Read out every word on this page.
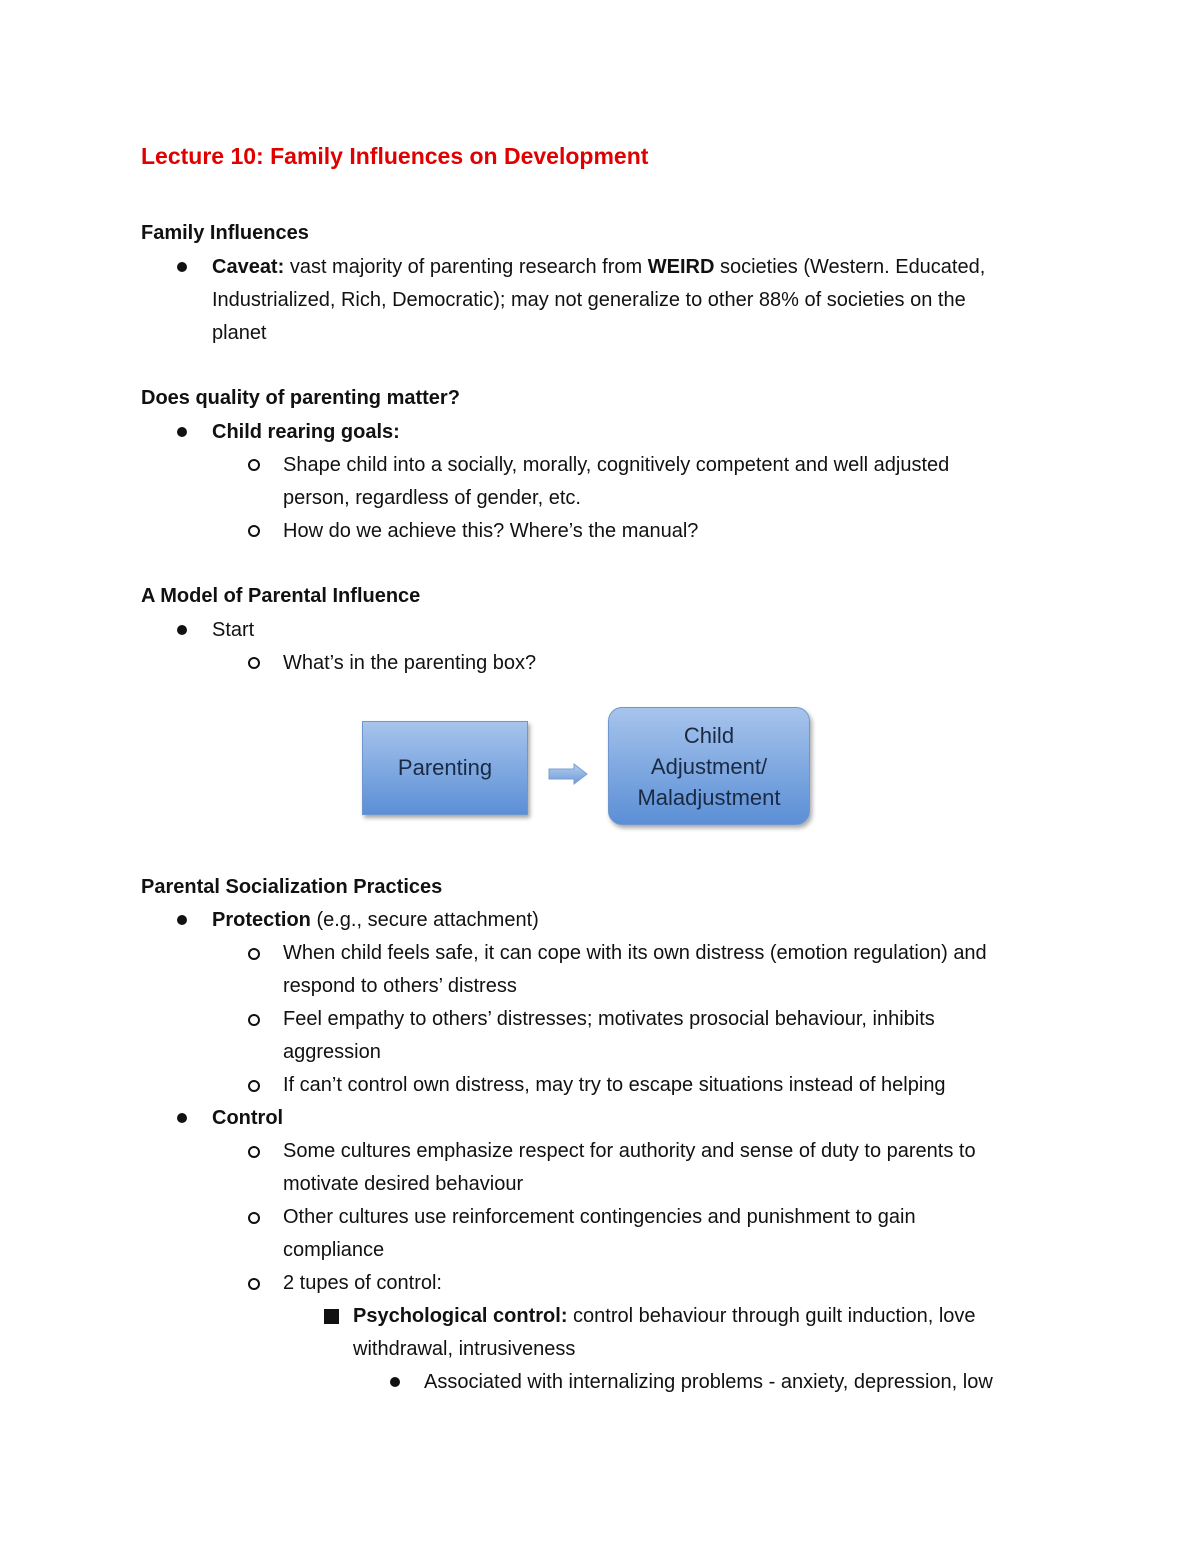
Lecture 10: Family Influences on Development
Family Influences
Caveat: vast majority of parenting research from WEIRD societies (Western. Educated,
Industrialized, Rich, Democratic); may not generalize to other 88% of societies on the
planet
Does quality of parenting matter?
Child rearing goals:
Shape child into a socially, morally, cognitively competent and well adjusted
person, regardless of gender, etc.
How do we achieve this? Where’s the manual?
A Model of Parental Influence
Start
What’s in the parenting box?
Parenting
Child
Adjustment/
Maladjustment
Parental Socialization Practices
Protection (e.g., secure attachment)
When child feels safe, it can cope with its own distress (emotion regulation) and
respond to others’ distress
Feel empathy to others’ distresses; motivates prosocial behaviour, inhibits
aggression
If can’t control own distress, may try to escape situations instead of helping
Control
Some cultures emphasize respect for authority and sense of duty to parents to
motivate desired behaviour
Other cultures use reinforcement contingencies and punishment to gain
compliance
2 tupes of control:
Psychological control: control behaviour through guilt induction, love
withdrawal, intrusiveness
Associated with internalizing problems - anxiety, depression, low
